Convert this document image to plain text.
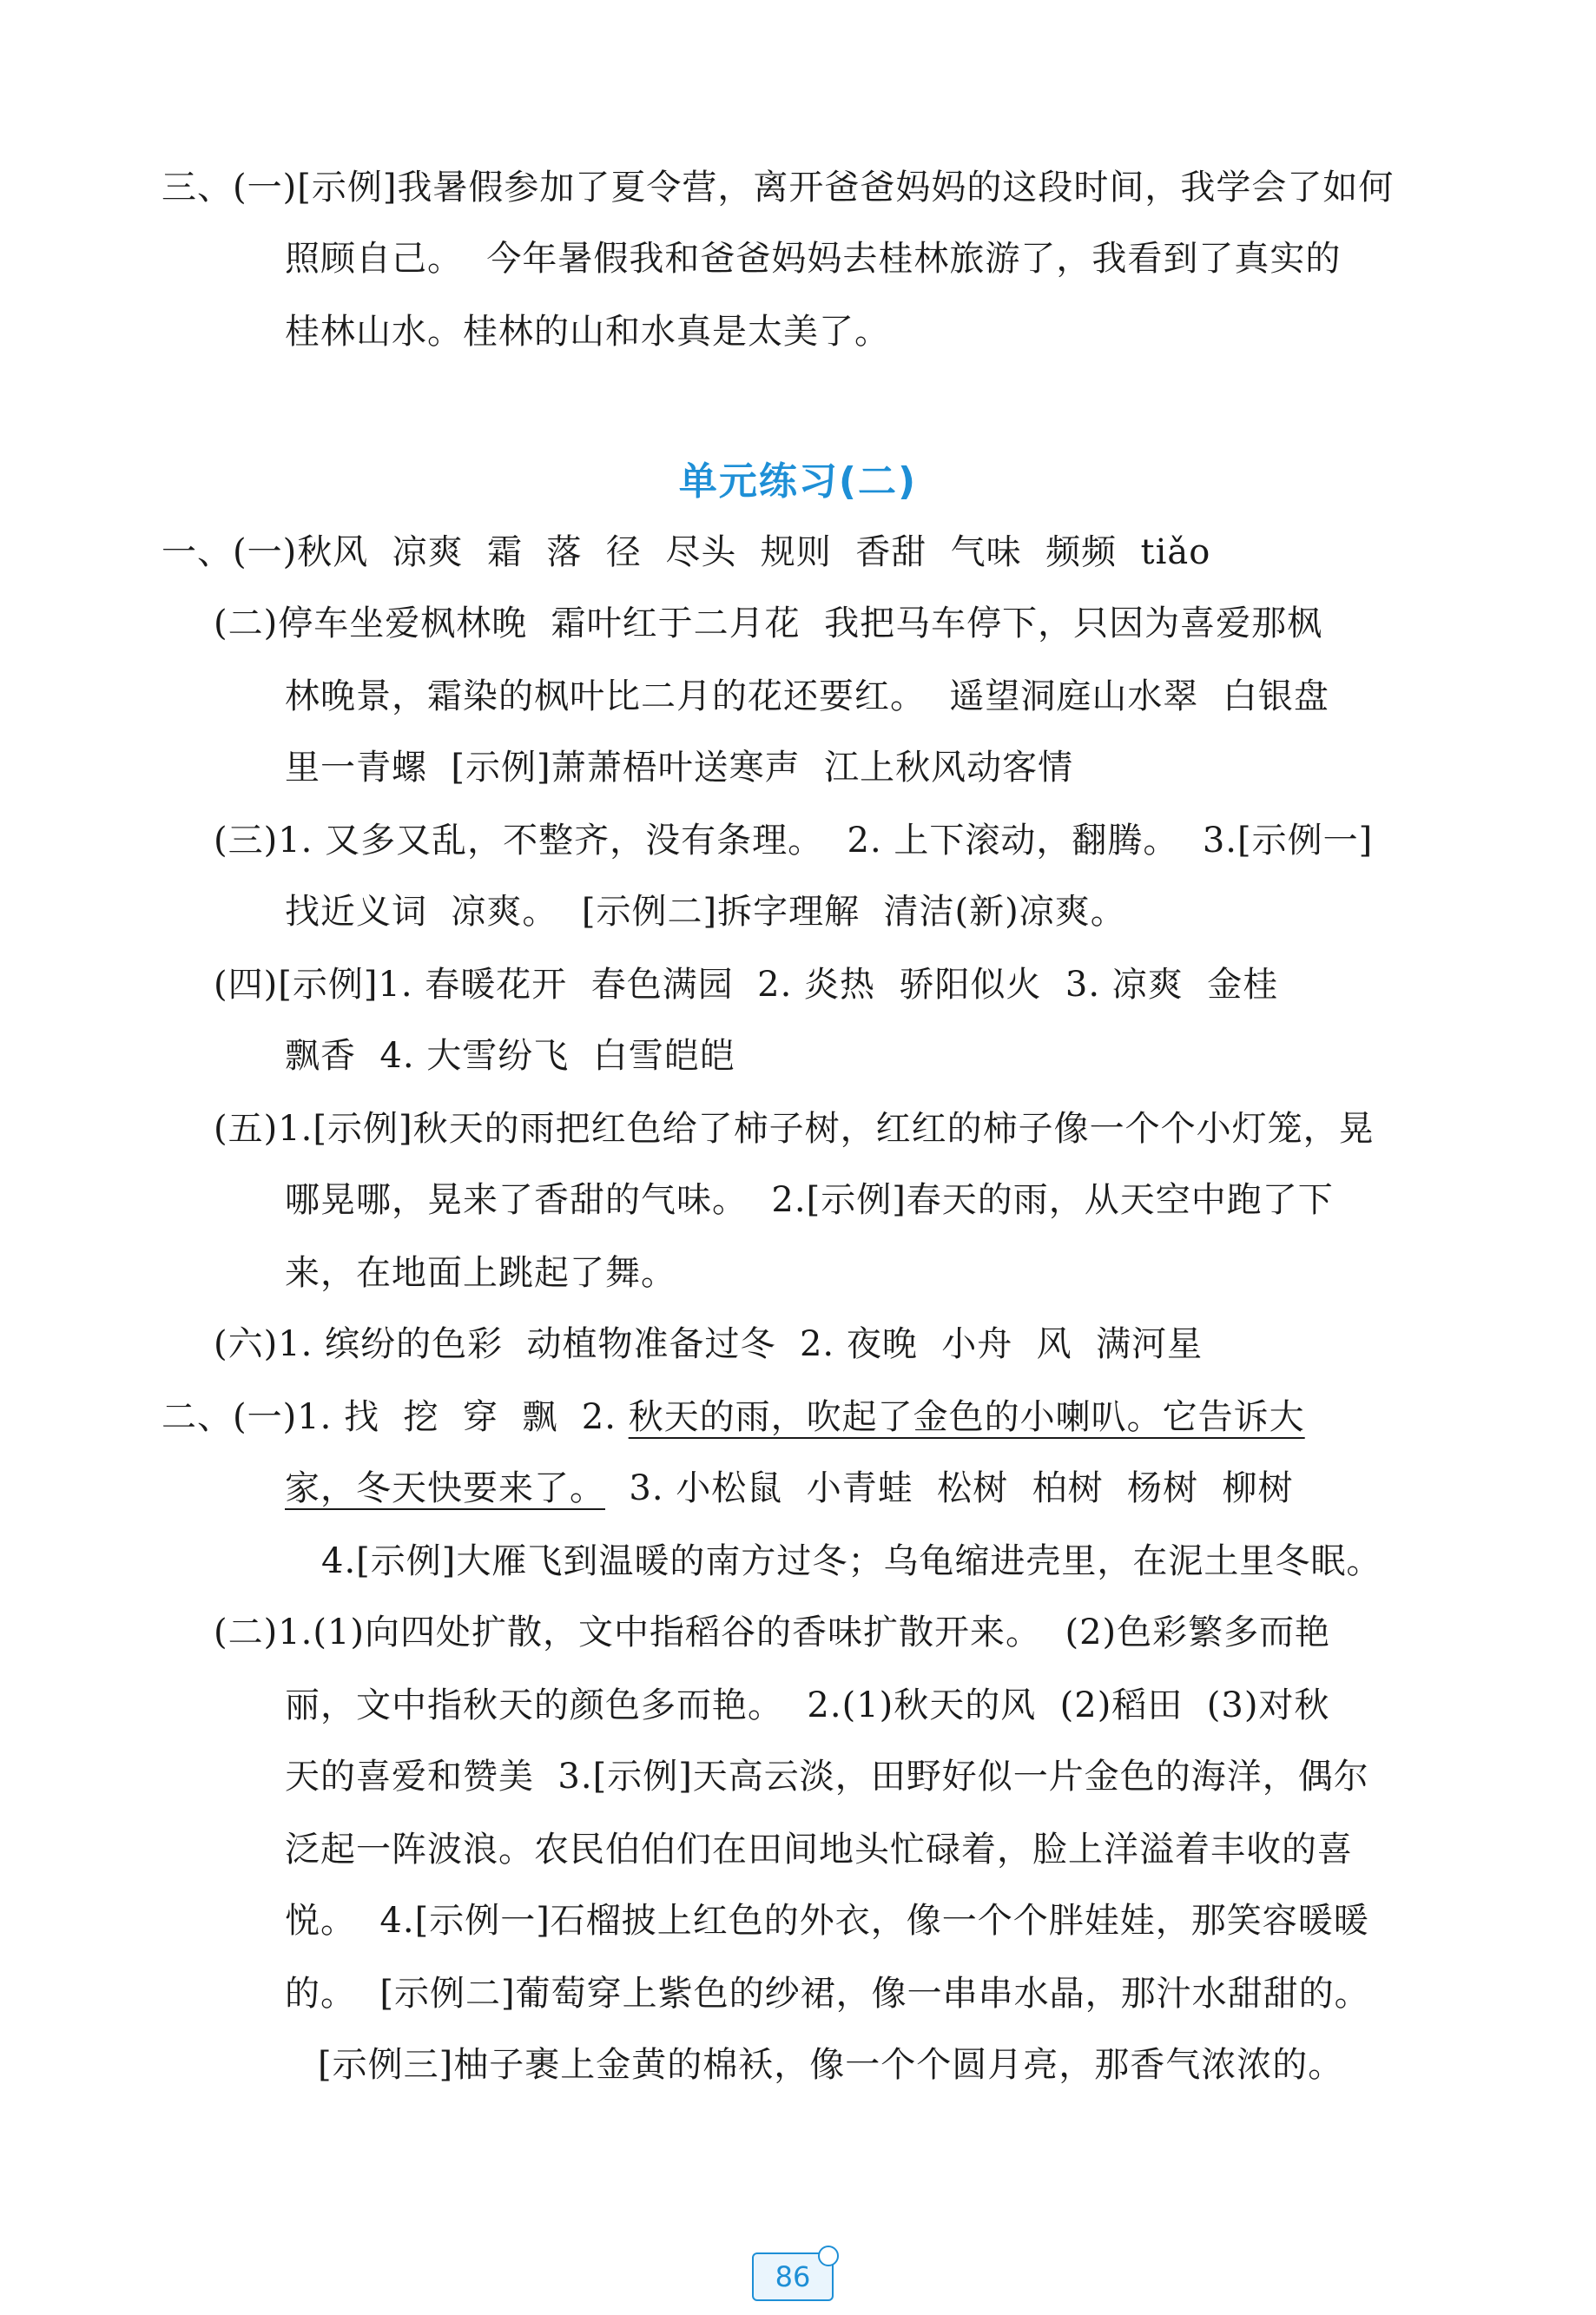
三、(一)[示例]我暑假参加了夏令营，离开爸爸妈妈的这段时间，我学会了如何
照顾自己。  今年暑假我和爸爸妈妈去桂林旅游了，我看到了真实的
桂林山水。桂林的山和水真是太美了。
单元练习(二)
一、(一)秋风  凉爽  霜  落  径  尽头  规则  香甜  气味  频频  tiǎo
(二)停车坐爱枫林晚  霜叶红于二月花  我把马车停下，只因为喜爱那枫
林晚景，霜染的枫叶比二月的花还要红。  遥望洞庭山水翠  白银盘
里一青螺  [示例]萧萧梧叶送寒声  江上秋风动客情
(三)1. 又多又乱，不整齐，没有条理。  2. 上下滚动，翻腾。  3.[示例一]
找近义词  凉爽。  [示例二]拆字理解  清洁(新)凉爽。
(四)[示例]1. 春暖花开  春色满园  2. 炎热  骄阳似火  3. 凉爽  金桂
飘香  4. 大雪纷飞  白雪皑皑
(五)1.[示例]秋天的雨把红色给了柿子树，红红的柿子像一个个小灯笼，晃
哪晃哪，晃来了香甜的气味。  2.[示例]春天的雨，从天空中跑了下
来，在地面上跳起了舞。
(六)1. 缤纷的色彩  动植物准备过冬  2. 夜晚  小舟  风  满河星
二、(一)1. 找  挖  穿  飘  2. 秋天的雨，吹起了金色的小喇叭。它告诉大
家，冬天快要来了。  3. 小松鼠  小青蛙  松树  柏树  杨树  柳树
4.[示例]大雁飞到温暖的南方过冬；乌龟缩进壳里，在泥土里冬眠。
(二)1.(1)向四处扩散，文中指稻谷的香味扩散开来。  (2)色彩繁多而艳
丽，文中指秋天的颜色多而艳。  2.(1)秋天的风  (2)稻田  (3)对秋
天的喜爱和赞美  3.[示例]天高云淡，田野好似一片金色的海洋，偶尔
泛起一阵波浪。农民伯伯们在田间地头忙碌着，脸上洋溢着丰收的喜
悦。  4.[示例一]石榴披上红色的外衣，像一个个胖娃娃，那笑容暖暖
的。  [示例二]葡萄穿上紫色的纱裙，像一串串水晶，那汁水甜甜的。
[示例三]柚子裹上金黄的棉袄，像一个个圆月亮，那香气浓浓的。
86
